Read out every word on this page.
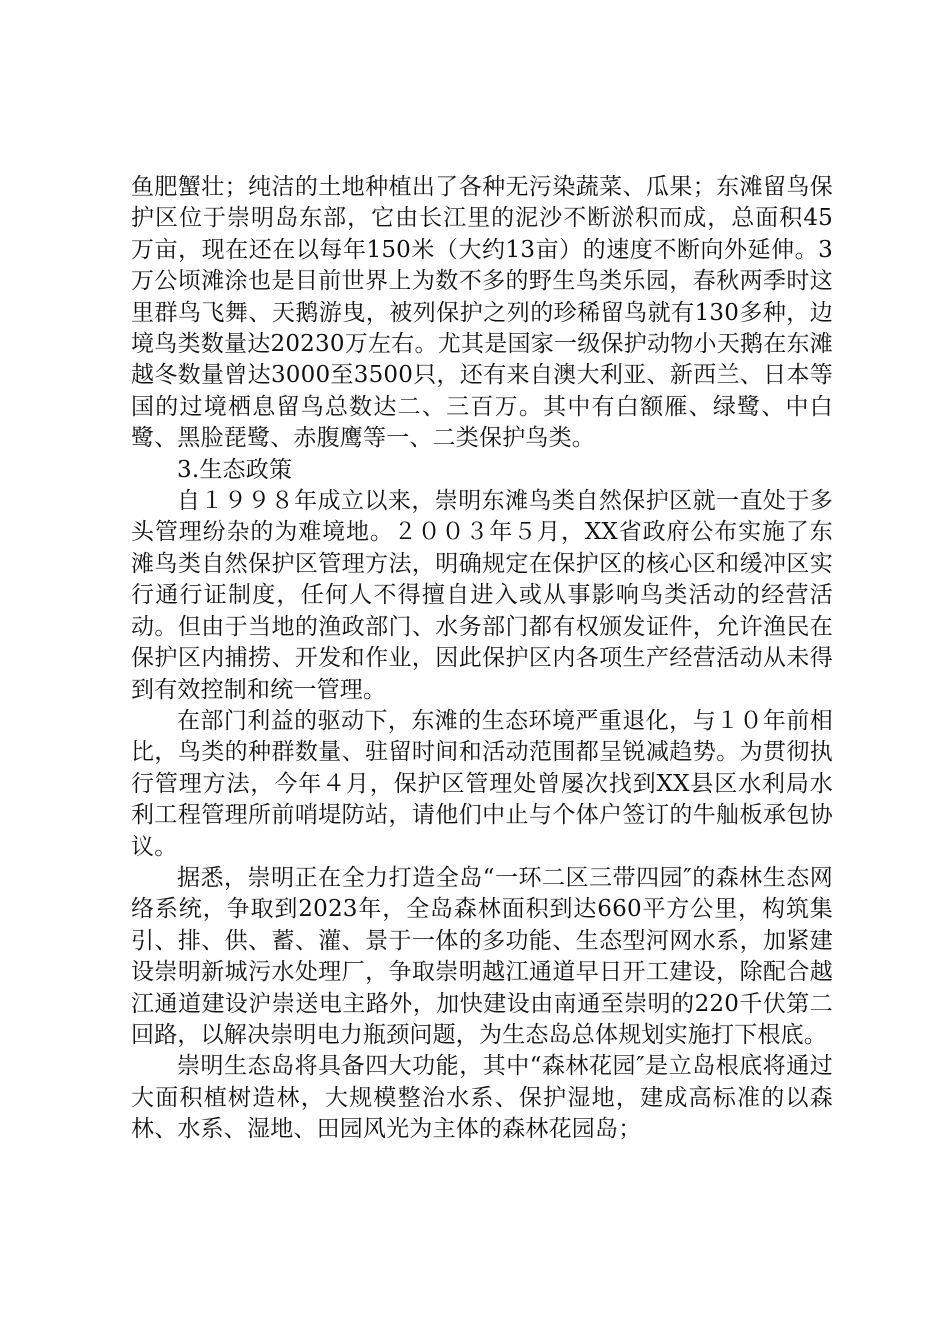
鱼肥蟹壮；纯洁的土地种植出了各种无污染蔬菜、瓜果；东滩留鸟保护区位于崇明岛东部，它由长江里的泥沙不断淤积而成，总面积45万亩，现在还在以每年150米（大约13亩）的速度不断向外延伸。3万公顷滩涂也是目前世界上为数不多的野生鸟类乐园，春秋两季时这里群鸟飞舞、天鹅游曳，被列保护之列的珍稀留鸟就有130多种，边境鸟类数量达20230万左右。尤其是国家一级保护动物小天鹅在东滩越冬数量曾达3000至3500只，还有来自澳大利亚、新西兰、日本等国的过境栖息留鸟总数达二、三百万。其中有白额雁、绿鹭、中白鹭、黑脸琵鹭、赤腹鹰等一、二类保护鸟类。

3.生态政策

自１９９８年成立以来，崇明东滩鸟类自然保护区就一直处于多头管理纷杂的为难境地。２００３年５月，XX省政府公布实施了东滩鸟类自然保护区管理方法，明确规定在保护区的核心区和缓冲区实行通行证制度，任何人不得擅自进入或从事影响鸟类活动的经营活动。但由于当地的渔政部门、水务部门都有权颁发证件，允许渔民在保护区内捕捞、开发和作业，因此保护区内各项生产经营活动从未得到有效控制和统一管理。

在部门利益的驱动下，东滩的生态环境严重退化，与１０年前相比，鸟类的种群数量、驻留时间和活动范围都呈锐减趋势。为贯彻执行管理方法，今年４月，保护区管理处曾屡次找到XX县区水利局水利工程管理所前哨堤防站，请他们中止与个体户签订的牛舢板承包协议。

据悉，崇明正在全力打造全岛“一环二区三带四园″的森林生态网络系统，争取到2023年，全岛森林面积到达660平方公里，构筑集引、排、供、蓄、灌、景于一体的多功能、生态型河网水系，加紧建设崇明新城污水处理厂，争取崇明越江通道早日开工建设，除配合越江通道建设沪崇送电主路外，加快建设由南通至崇明的220千伏第二回路，以解决崇明电力瓶颈问题，为生态岛总体规划实施打下根底。

崇明生态岛将具备四大功能，其中“森林花园″是立岛根底将通过大面积植树造林，大规模整治水系、保护湿地，建成高标准的以森林、水系、湿地、田园风光为主体的森林花园岛；
